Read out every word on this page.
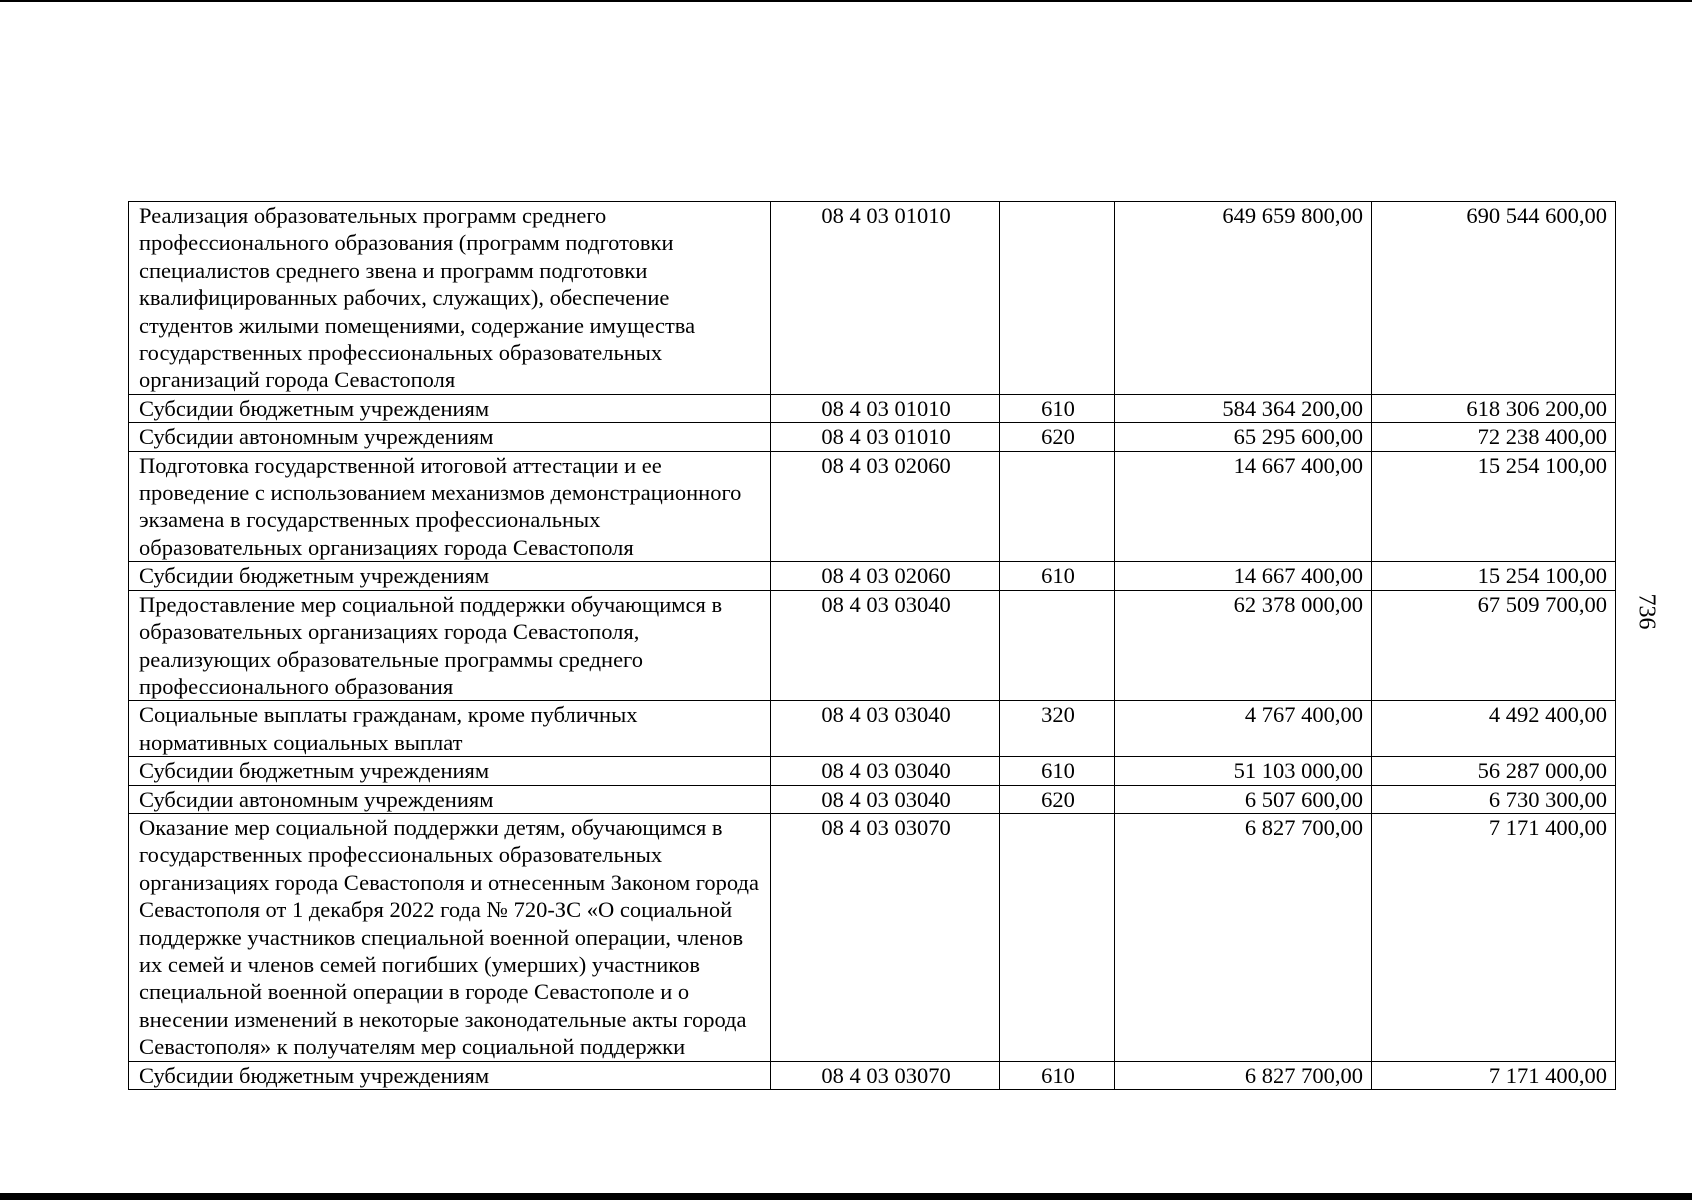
Реализация образовательных программ среднего профессионального образования (программ подготовки специалистов среднего звена и программ подготовки квалифицированных рабочих, служащих), обеспечение студентов жилыми помещениями, содержание имущества государственных профессиональных образовательных организаций города Севастополя	08 4 03 01010		649 659 800,00	690 544 600,00
Субсидии бюджетным учреждениям	08 4 03 01010	610	584 364 200,00	618 306 200,00
Субсидии автономным учреждениям	08 4 03 01010	620	65 295 600,00	72 238 400,00
Подготовка государственной итоговой аттестации и ее проведение с использованием механизмов демонстрационного экзамена в государственных профессиональных образовательных организациях города Севастополя	08 4 03 02060		14 667 400,00	15 254 100,00
Субсидии бюджетным учреждениям	08 4 03 02060	610	14 667 400,00	15 254 100,00
Предоставление мер социальной поддержки обучающимся в образовательных организациях города Севастополя, реализующих образовательные программы среднего профессионального образования	08 4 03 03040		62 378 000,00	67 509 700,00
Социальные выплаты гражданам, кроме публичных нормативных социальных выплат	08 4 03 03040	320	4 767 400,00	4 492 400,00
Субсидии бюджетным учреждениям	08 4 03 03040	610	51 103 000,00	56 287 000,00
Субсидии автономным учреждениям	08 4 03 03040	620	6 507 600,00	6 730 300,00
Оказание мер социальной поддержки детям, обучающимся в государственных профессиональных образовательных организациях города Севастополя и отнесенным Законом города Севастополя от 1 декабря 2022 года № 720-ЗС «О социальной поддержке участников специальной военной операции, членов их семей и членов семей погибших (умерших) участников специальной военной операции в городе Севастополе и о внесении изменений в некоторые законодательные акты города Севастополя» к получателям мер социальной поддержки	08 4 03 03070		6 827 700,00	7 171 400,00
Субсидии бюджетным учреждениям	08 4 03 03070	610	6 827 700,00	7 171 400,00
736
